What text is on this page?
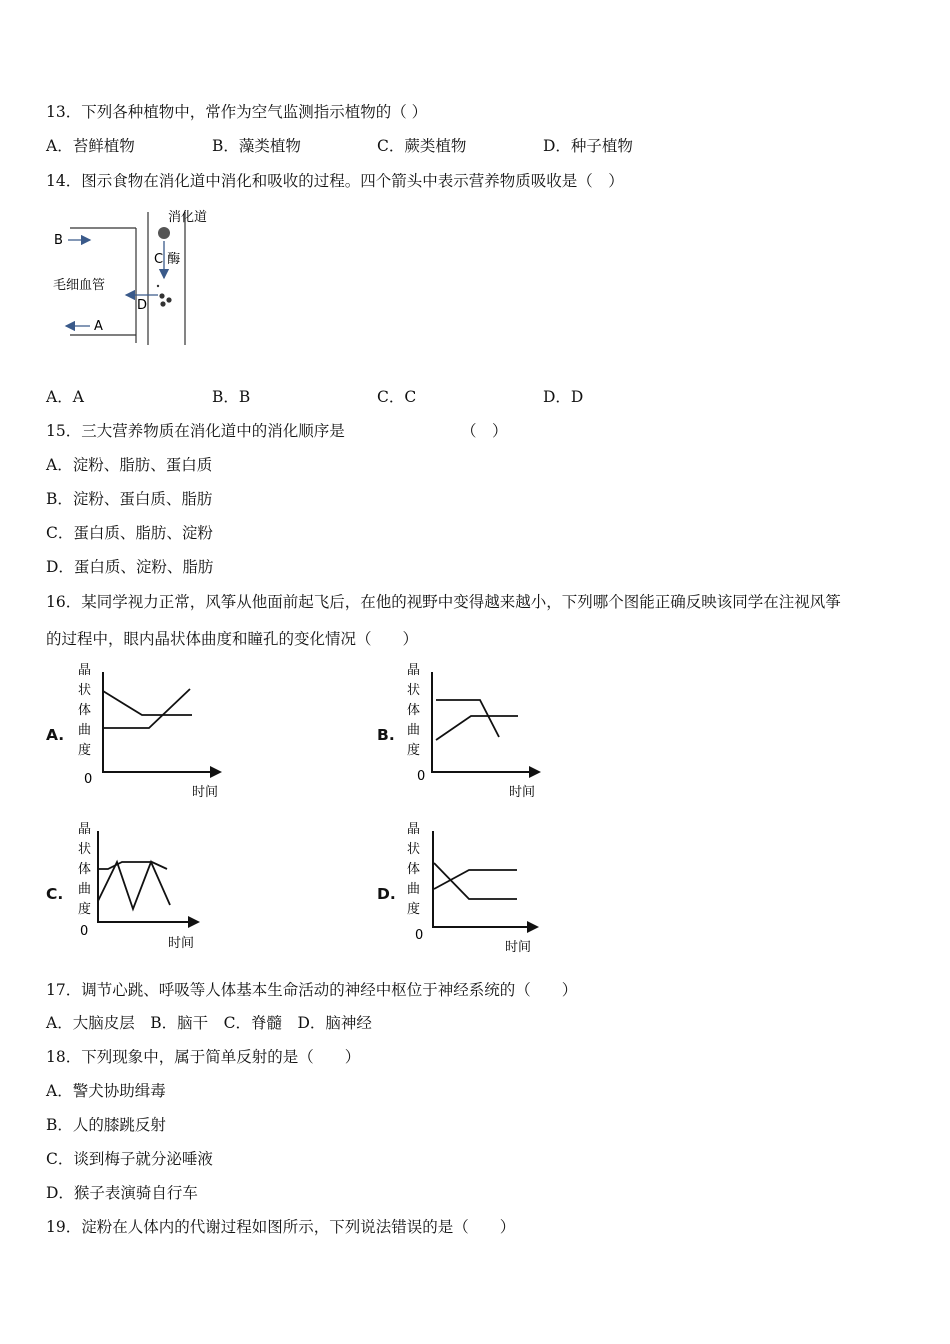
13．下列各种植物中，常作为空气监测指示植物的（ ）
A．苔鲜植物	B．藻类植物	C．蕨类植物	D．种子植物
14．图示食物在消化道中消化和吸收的过程。四个箭头中表示营养物质吸收是（　）
消化道
毛细血管
C 酶
B
A
D
A．A	B．B	C．C	D．D
15．三大营养物质在消化道中的消化顺序是　　　　　　　　（　）
A．淀粉、脂肪、蛋白质
B．淀粉、蛋白质、脂肪
C．蛋白质、脂肪、淀粉
D．蛋白质、淀粉、脂肪
16．某同学视力正常，风筝从他面前起飞后，在他的视野中变得越来越小，下列哪个图能正确反映该同学在注视风筝
的过程中，眼内晶状体曲度和瞳孔的变化情况（　　）
A.	B.
C.	D.
晶
状
体
曲
度
0
时间
晶
状
体
曲
度
0
时间
晶
状
体
曲
度
0
时间
晶
状
体
曲
度
0
时间
17．调节心跳、呼吸等人体基本生命活动的神经中枢位于神经系统的（　　）
A．大脑皮层　B．脑干　C．脊髓　D．脑神经
18．下列现象中，属于简单反射的是（　　）
A．警犬协助缉毒
B．人的膝跳反射
C．谈到梅子就分泌唾液
D．猴子表演骑自行车
19．淀粉在人体内的代谢过程如图所示，下列说法错误的是（　　）
